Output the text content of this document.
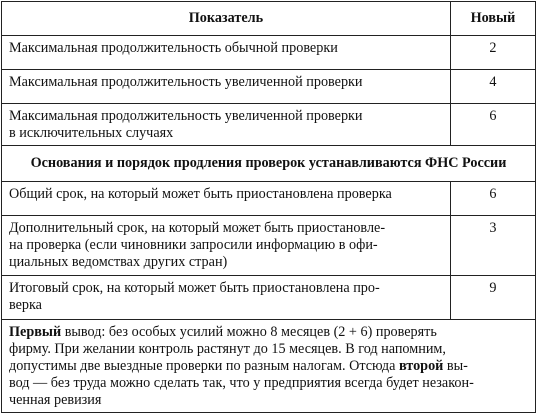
Показатель	Новый
Максимальная продолжительность обычной проверки	2
Максимальная продолжительность увеличенной проверки	4

Максимальная продолжительность увеличенной проверки
в исключительных случаях	6
Основания и порядок продления проверок устанавливаются ФНС России	
Общий срок, на который может быть приостановлена проверка	6

Дополнительный срок, на который может быть приостановле-
на проверка (если чиновники запросили информацию в офи-
циальных ведомствах других стран)	3

Итоговый срок, на который может быть приостановлена про-
верка	9

Первый вывод: без особых усилий можно 8 месяцев (2 + 6) проверять
фирму. При желании контроль растянут до 15 месяцев. В год напомним,
допустимы две выездные проверки по разным налогам. Отсюда второй вы-
вод — без труда можно сделать так, что у предприятия всегда будет незакон-
ченная ревизия	
